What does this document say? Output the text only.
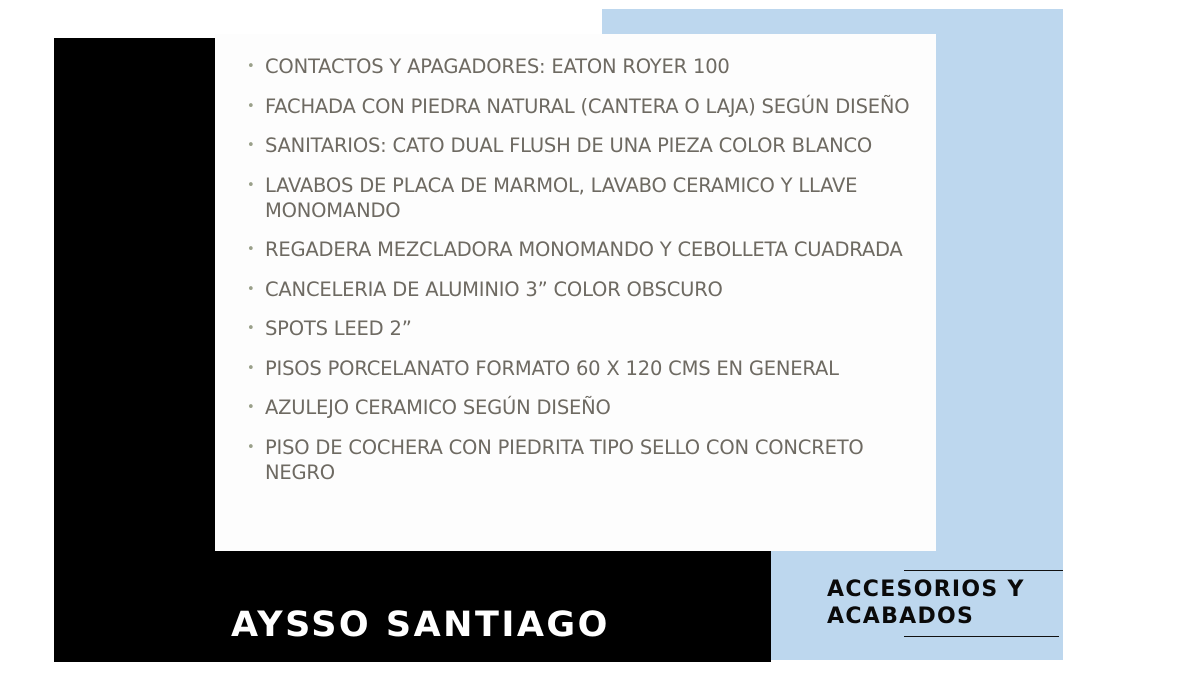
• CONTACTOS Y APAGADORES: EATON ROYER 100
• FACHADA CON PIEDRA NATURAL (CANTERA O LAJA) SEGÚN DISEÑO
• SANITARIOS: CATO DUAL FLUSH DE UNA PIEZA COLOR BLANCO
• LAVABOS DE PLACA DE MARMOL, LAVABO CERAMICO Y LLAVE MONOMANDO
• REGADERA MEZCLADORA MONOMANDO Y CEBOLLETA CUADRADA
• CANCELERIA DE ALUMINIO 3” COLOR OBSCURO
• SPOTS LEED 2”
• PISOS PORCELANATO FORMATO 60 X 120 CMS EN GENERAL
• AZULEJO CERAMICO SEGÚN DISEÑO
• PISO DE COCHERA CON PIEDRITA TIPO SELLO CON CONCRETO NEGRO
AYSSO SANTIAGO
ACCESORIOS Y ACABADOS
